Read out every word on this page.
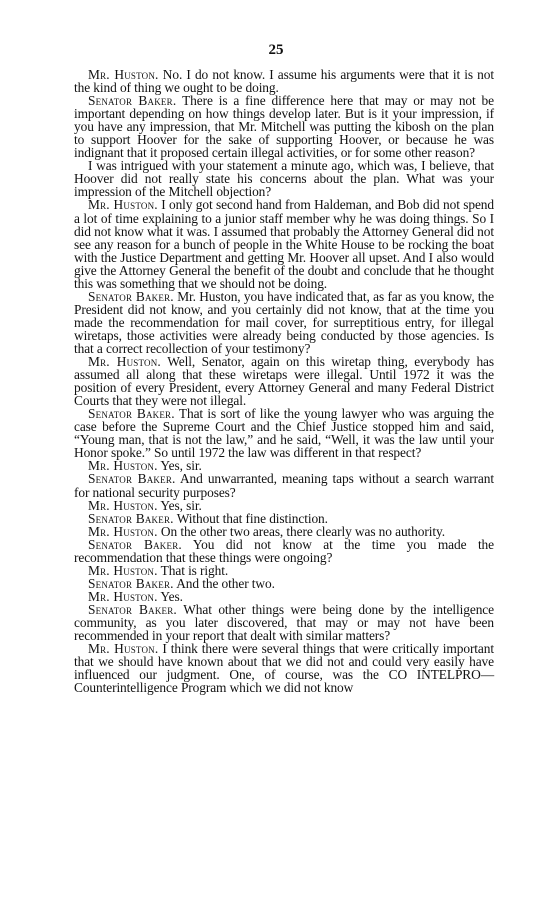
25

Mr. Huston. No. I do not know. I assume his arguments were that it is not the kind of thing we ought to be doing.

Senator Baker. There is a fine difference here that may or may not be important depending on how things develop later. But is it your impression, if you have any impression, that Mr. Mitchell was putting the kibosh on the plan to support Hoover for the sake of supporting Hoover, or because he was indignant that it proposed certain illegal activities, or for some other reason?

I was intrigued with your statement a minute ago, which was, I believe, that Hoover did not really state his concerns about the plan. What was your impression of the Mitchell objection?

Mr. Huston. I only got second hand from Haldeman, and Bob did not spend a lot of time explaining to a junior staff member why he was doing things. So I did not know what it was. I assumed that probably the Attorney General did not see any reason for a bunch of people in the White House to be rocking the boat with the Justice Department and getting Mr. Hoover all upset. And I also would give the Attorney General the benefit of the doubt and conclude that he thought this was something that we should not be doing.

Senator Baker. Mr. Huston, you have indicated that, as far as you know, the President did not know, and you certainly did not know, that at the time you made the recommendation for mail cover, for surreptitious entry, for illegal wiretaps, those activities were already being conducted by those agencies. Is that a correct recollection of your testimony?

Mr. Huston. Well, Senator, again on this wiretap thing, everybody has assumed all along that these wiretaps were illegal. Until 1972 it was the position of every President, every Attorney General and many Federal District Courts that they were not illegal.

Senator Baker. That is sort of like the young lawyer who was arguing the case before the Supreme Court and the Chief Justice stopped him and said, “Young man, that is not the law,” and he said, “Well, it was the law until your Honor spoke.” So until 1972 the law was different in that respect?

Mr. Huston. Yes, sir.

Senator Baker. And unwarranted, meaning taps without a search warrant for national security purposes?

Mr. Huston. Yes, sir.

Senator Baker. Without that fine distinction.

Mr. Huston. On the other two areas, there clearly was no authority.

Senator Baker. You did not know at the time you made the recommendation that these things were ongoing?

Mr. Huston. That is right.

Senator Baker. And the other two.

Mr. Huston. Yes.

Senator Baker. What other things were being done by the intelligence community, as you later discovered, that may or may not have been recommended in your report that dealt with similar matters?

Mr. Huston. I think there were several things that were critically important that we should have known about that we did not and could very easily have influenced our judgment. One, of course, was the CO INTELPRO—Counterintelligence Program which we did not know
